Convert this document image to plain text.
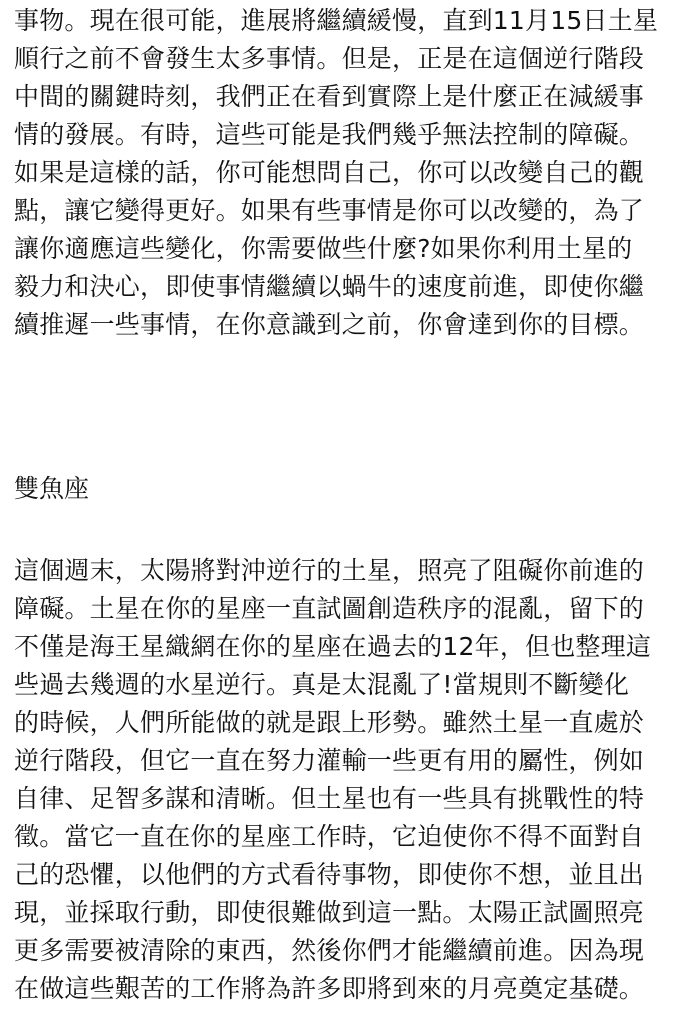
事物。現在很可能，進展將繼續緩慢，直到11月15日土星
順行之前不會發生太多事情。但是，正是在這個逆行階段
中間的關鍵時刻，我們正在看到實際上是什麼正在減緩事
情的發展。有時，這些可能是我們幾乎無法控制的障礙。
如果是這樣的話，你可能想問自己，你可以改變自己的觀
點，讓它變得更好。如果有些事情是你可以改變的，為了
讓你適應這些變化，你需要做些什麼?如果你利用土星的
毅力和決心，即使事情繼續以蝸牛的速度前進，即使你繼
續推遲一些事情，在你意識到之前，你會達到你的目標。
雙魚座
這個週末，太陽將對沖逆行的土星，照亮了阻礙你前進的
障礙。土星在你的星座一直試圖創造秩序的混亂，留下的
不僅是海王星織網在你的星座在過去的12年，但也整理這
些過去幾週的水星逆行。真是太混亂了!當規則不斷變化
的時候，人們所能做的就是跟上形勢。雖然土星一直處於
逆行階段，但它一直在努力灌輸一些更有用的屬性，例如
自律、足智多謀和清晰。但土星也有一些具有挑戰性的特
徵。當它一直在你的星座工作時，它迫使你不得不面對自
己的恐懼，以他們的方式看待事物，即使你不想，並且出
現，並採取行動，即使很難做到這一點。太陽正試圖照亮
更多需要被清除的東西，然後你們才能繼續前進。因為現
在做這些艱苦的工作將為許多即將到來的月亮奠定基礎。
